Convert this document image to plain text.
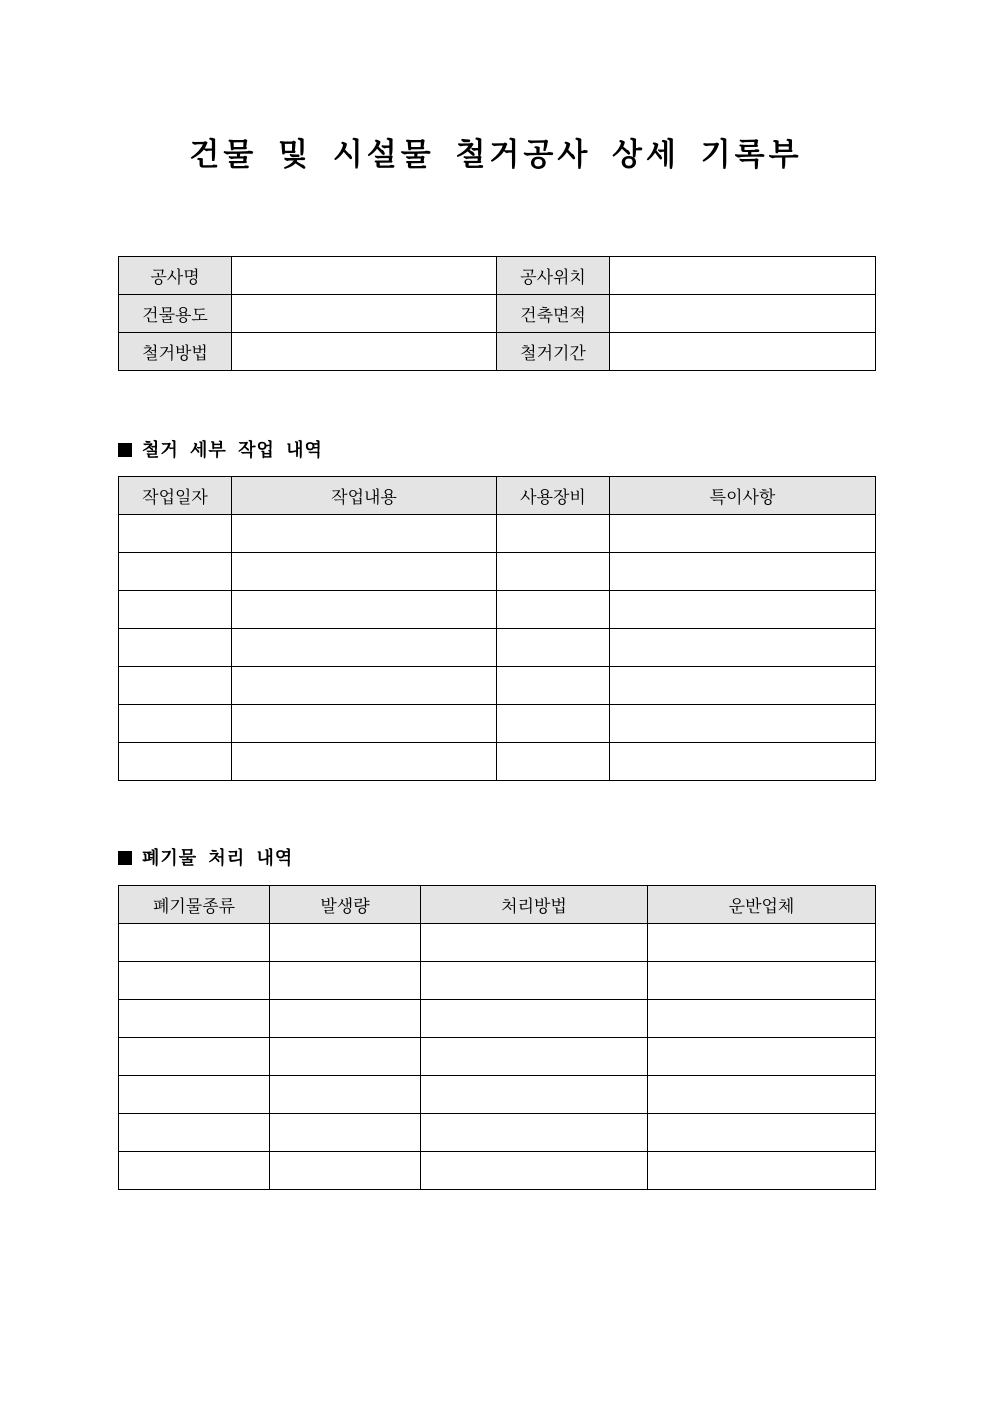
건물 및 시설물 철거공사 상세 기록부
공사명		공사위치	
건물용도		건축면적	
철거방법		철거기간	
철거 세부 작업 내역
작업일자	작업내용	사용장비	특이사항

폐기물 처리 내역
폐기물종류	발생량	처리방법	운반업체
